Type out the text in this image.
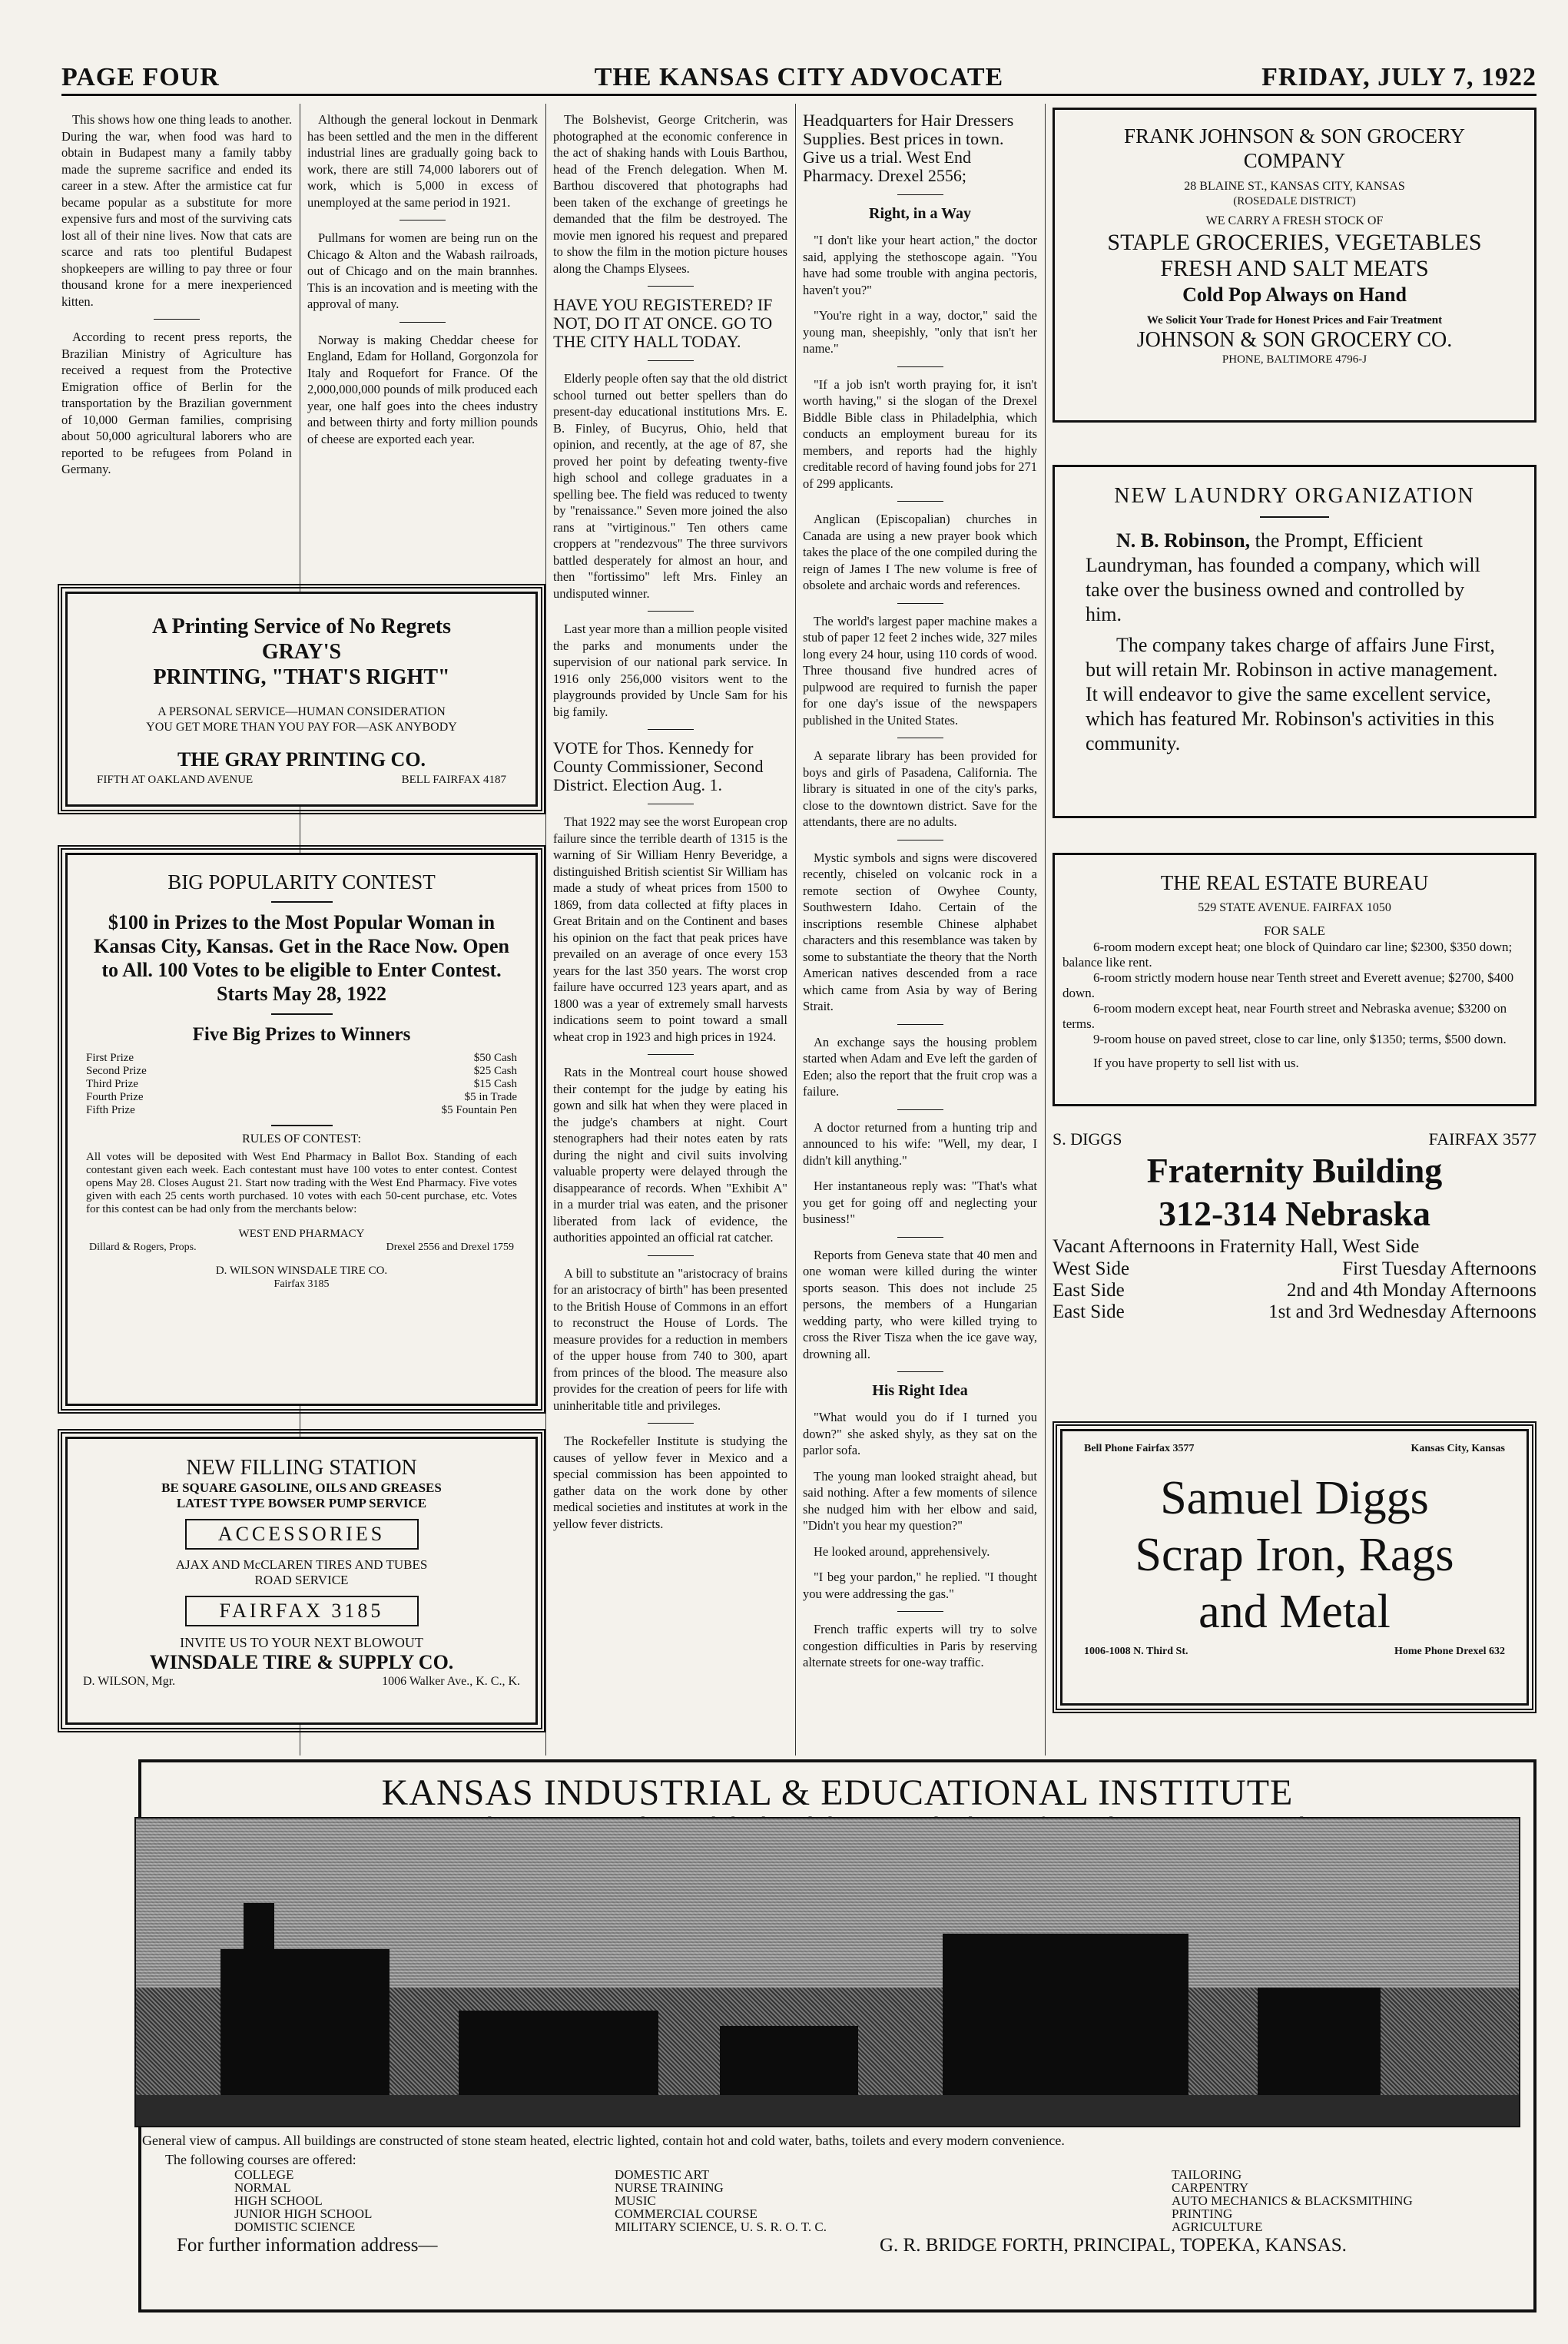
THE KANSAS CITY ADVOCATE
PAGE FOUR	FRIDAY, JULY 7, 1922

This shows how one thing leads to another. During the war, when food was hard to obtain in Budapest many a family tabby made the supreme sacrifice and ended its career in a stew. After the armistice cat fur became popular as a substitute for more expensive furs and most of the surviving cats lost all of their nine lives. Now that cats are scarce and rats too plentiful Budapest shopkeepers are willing to pay three or four thousand krone for a mere inexperienced kitten.

According to recent press reports, the Brazilian Ministry of Agriculture has received a request from the Protective Emigration office of Berlin for the transportation by the Brazilian government of 10,000 German families, comprising about 50,000 agricultural laborers who are reported to be refugees from Poland in Germany.

Although the general lockout in Denmark has been settled and the men in the different industrial lines are gradually going back to work, there are still 74,000 laborers out of work, which is 5,000 in excess of unemployed at the same period in 1921.

Pullmans for women are being run on the Chicago & Alton and the Wabash railroads, out of Chicago and on the main brannhes. This is an incovation and is meeting with the approval of many.

Norway is making Cheddar cheese for England, Edam for Holland, Gorgonzola for Italy and Roquefort for France. Of the 2,000,000,000 pounds of milk produced each year, one half goes into the chees industry and between thirty and forty million pounds of cheese are exported each year.

A Printing Service of No Regrets
GRAY'S
PRINTING, "THAT'S RIGHT"
A PERSONAL SERVICE—HUMAN CONSIDERATION
YOU GET MORE THAN YOU PAY FOR—ASK ANYBODY
THE GRAY PRINTING CO.
FIFTH AT OAKLAND AVENUE	BELL FAIRFAX 4187
BIG POPULARITY CONTEST
$100 in Prizes to the Most Popular Woman in Kansas City, Kansas. Get in the Race Now. Open to All. 100 Votes to be eligible to Enter Contest. Starts May 28, 1922
Five Big Prizes to Winners
First Prize	$50 Cash
Second Prize	$25 Cash
Third Prize	$15 Cash
Fourth Prize	$5 in Trade
Fifth Prize	$5 Fountain Pen
RULES OF CONTEST:
All votes will be deposited with West End Pharmacy in Ballot Box. Standing of each contestant given each week. Each contestant must have 100 votes to enter contest. Contest opens May 28. Closes August 21. Start now trading with the West End Pharmacy. Five votes given with each 25 cents worth purchased. 10 votes with each 50-cent purchase, etc. Votes for this contest can be had only from the merchants below:
WEST END PHARMACY
Dillard & Rogers, Props.	Drexel 2556 and Drexel 1759
D. WILSON WINSDALE TIRE CO.
Fairfax 3185
NEW FILLING STATION
BE SQUARE GASOLINE, OILS AND GREASES
LATEST TYPE BOWSER PUMP SERVICE
ACCESSORIES
AJAX AND McCLAREN TIRES AND TUBES
ROAD SERVICE
FAIRFAX 3185
INVITE US TO YOUR NEXT BLOWOUT
WINSDALE TIRE & SUPPLY CO.
D. WILSON, Mgr.	1006 Walker Ave., K. C., K.

The Bolshevist, George Critcherin, was photographed at the economic conference in the act of shaking hands with Louis Barthou, head of the French delegation. When M. Barthou discovered that photographs had been taken of the exchange of greetings he demanded that the film be destroyed. The movie men ignored his request and prepared to show the film in the motion picture houses along the Champs Elysees.

HAVE YOU REGISTERED? IF NOT, DO IT AT ONCE. GO TO THE CITY HALL TODAY.

Elderly people often say that the old district school turned out better spellers than do present-day educational institutions Mrs. E. B. Finley, of Bucyrus, Ohio, held that opinion, and recently, at the age of 87, she proved her point by defeating twenty-five high school and college graduates in a spelling bee. The field was reduced to twenty by "renaissance." Seven more joined the also rans at "virtiginous." Ten others came croppers at "rendezvous" The three survivors battled desperately for almost an hour, and then "fortissimo" left Mrs. Finley an undisputed winner.

Last year more than a million people visited the parks and monuments under the supervision of our national park service. In 1916 only 256,000 visitors went to the playgrounds provided by Uncle Sam for his big family.

VOTE for Thos. Kennedy for County Commissioner, Second District. Election Aug. 1.

That 1922 may see the worst European crop failure since the terrible dearth of 1315 is the warning of Sir William Henry Beveridge, a distinguished British scientist Sir William has made a study of wheat prices from 1500 to 1869, from data collected at fifty places in Great Britain and on the Continent and bases his opinion on the fact that peak prices have prevailed on an average of once every 153 years for the last 350 years. The worst crop failure have occurred 123 years apart, and as 1800 was a year of extremely small harvests indications seem to point toward a small wheat crop in 1923 and high prices in 1924.

Rats in the Montreal court house showed their contempt for the judge by eating his gown and silk hat when they were placed in the judge's chambers at night. Court stenographers had their notes eaten by rats during the night and civil suits involving valuable property were delayed through the disappearance of records. When "Exhibit A" in a murder trial was eaten, and the prisoner liberated from lack of evidence, the authorities appointed an official rat catcher.

A bill to substitute an "aristocracy of brains for an aristocracy of birth" has been presented to the British House of Commons in an effort to reconstruct the House of Lords. The measure provides for a reduction in members of the upper house from 740 to 300, apart from princes of the blood. The measure also provides for the creation of peers for life with uninheritable title and privileges.

The Rockefeller Institute is studying the causes of yellow fever in Mexico and a special commission has been appointed to gather data on the work done by other medical societies and institutes at work in the yellow fever districts.

Headquarters for Hair Dressers Supplies. Best prices in town. Give us a trial. West End Pharmacy. Drexel 2556;

Right, in a Way

"I don't like your heart action," the doctor said, applying the stethoscope again. "You have had some trouble with angina pectoris, haven't you?"

"You're right in a way, doctor," said the young man, sheepishly, "only that isn't her name."

"If a job isn't worth praying for, it isn't worth having," si the slogan of the Drexel Biddle Bible class in Philadelphia, which conducts an employment bureau for its members, and reports had the highly creditable record of having found jobs for 271 of 299 applicants.

Anglican (Episcopalian) churches in Canada are using a new prayer book which takes the place of the one compiled during the reign of James I The new volume is free of obsolete and archaic words and references.

The world's largest paper machine makes a stub of paper 12 feet 2 inches wide, 327 miles long every 24 hour, using 110 cords of wood. Three thousand five hundred acres of pulpwood are required to furnish the paper for one day's issue of the newspapers published in the United States.

A separate library has been provided for boys and girls of Pasadena, California. The library is situated in one of the city's parks, close to the downtown district. Save for the attendants, there are no adults.

Mystic symbols and signs were discovered recently, chiseled on volcanic rock in a remote section of Owyhee County, Southwestern Idaho. Certain of the inscriptions resemble Chinese alphabet characters and this resemblance was taken by some to substantiate the theory that the North American natives descended from a race which came from Asia by way of Bering Strait.

An exchange says the housing problem started when Adam and Eve left the garden of Eden; also the report that the fruit crop was a failure.

A doctor returned from a hunting trip and announced to his wife: "Well, my dear, I didn't kill anything."

Her instantaneous reply was: "That's what you get for going off and neglecting your business!"

Reports from Geneva state that 40 men and one woman were killed during the winter sports season. This does not include 25 persons, the members of a Hungarian wedding party, who were killed trying to cross the River Tisza when the ice gave way, drowning all.

His Right Idea

"What would you do if I turned you down?" she asked shyly, as they sat on the parlor sofa.

The young man looked straight ahead, but said nothing. After a few moments of silence she nudged him with her elbow and said, "Didn't you hear my question?"

He looked around, apprehensively.

"I beg your pardon," he replied. "I thought you were addressing the gas."

French traffic experts will try to solve congestion difficulties in Paris by reserving alternate streets for one-way traffic.

FRANK JOHNSON & SON GROCERY
COMPANY
28 BLAINE ST., KANSAS CITY, KANSAS
(ROSEDALE DISTRICT)
WE CARRY A FRESH STOCK OF
STAPLE GROCERIES, VEGETABLES
FRESH AND SALT MEATS
Cold Pop Always on Hand
We Solicit Your Trade for Honest Prices and Fair Treatment
JOHNSON & SON GROCERY CO.
PHONE, BALTIMORE 4796-J
NEW LAUNDRY ORGANIZATION
N. B. Robinson, the Prompt, Efficient Laundryman, has founded a company, which will take over the business owned and controlled by him.
The company takes charge of affairs June First, but will retain Mr. Robinson in active management. It will endeavor to give the same excellent service, which has featured Mr. Robinson's activities in this community.
THE REAL ESTATE BUREAU
529 STATE AVENUE. FAIRFAX 1050
FOR SALE
6-room modern except heat; one block of Quindaro car line; $2300, $350 down; balance like rent.
6-room strictly modern house near Tenth street and Everett avenue; $2700, $400 down.
6-room modern except heat, near Fourth street and Nebraska avenue; $3200 on terms.
9-room house on paved street, close to car line, only $1350; terms, $500 down.
If you have property to sell list with us.
S. DIGGS	FAIRFAX 3577
Fraternity Building
312-314 Nebraska
Vacant Afternoons in Fraternity Hall, West Side
West Side	First Tuesday Afternoons
East Side	2nd and 4th Monday Afternoons
East Side	1st and 3rd Wednesday Afternoons
Bell Phone Fairfax 3577	Kansas City, Kansas
Samuel Diggs
Scrap Iron, Rags
and Metal
1006-1008 N. Third St.	Home Phone Drexel 632
KANSAS INDUSTRIAL & EDUCATIONAL INSTITUTE
General view of campus. All buildings are constructed of stone steam heated, electric lighted, contain hot and cold water, baths, toilets and every modern convenience.
The following courses are offered:
COLLEGE
NORMAL
HIGH SCHOOL
JUNIOR HIGH SCHOOL
DOMISTIC SCIENCE
DOMESTIC ART
NURSE TRAINING
MUSIC
COMMERCIAL COURSE
MILITARY SCIENCE, U. S. R. O. T. C.
TAILORING
CARPENTRY
AUTO MECHANICS & BLACKSMITHING
PRINTING
AGRICULTURE
For further information address—	G. R. BRIDGE FORTH, PRINCIPAL, TOPEKA, KANSAS.
